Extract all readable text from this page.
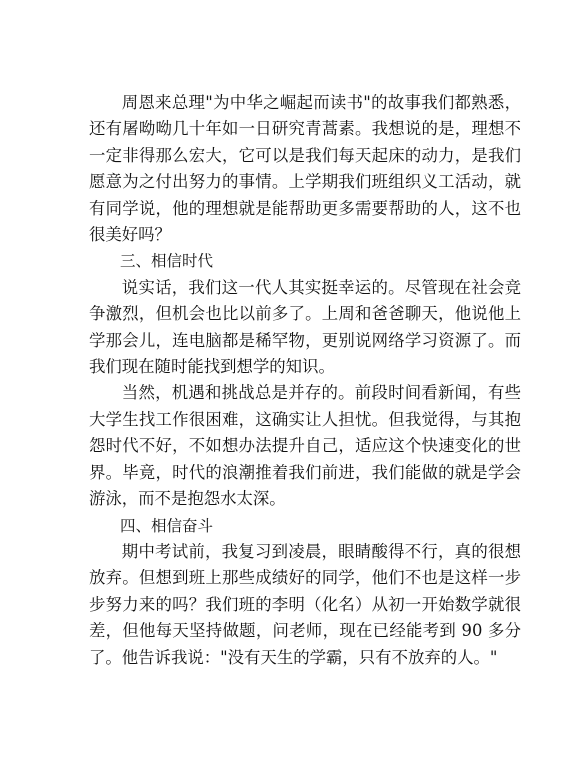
周恩来总理"为中华之崛起而读书"的故事我们都熟悉，还有屠呦呦几十年如一日研究青蒿素。我想说的是，理想不一定非得那么宏大，它可以是我们每天起床的动力，是我们愿意为之付出努力的事情。上学期我们班组织义工活动，就有同学说，他的理想就是能帮助更多需要帮助的人，这不也很美好吗？

三、相信时代

说实话，我们这一代人其实挺幸运的。尽管现在社会竞争激烈，但机会也比以前多了。上周和爸爸聊天，他说他上学那会儿，连电脑都是稀罕物，更别说网络学习资源了。而我们现在随时能找到想学的知识。

当然，机遇和挑战总是并存的。前段时间看新闻，有些大学生找工作很困难，这确实让人担忧。但我觉得，与其抱怨时代不好，不如想办法提升自己，适应这个快速变化的世界。毕竟，时代的浪潮推着我们前进，我们能做的就是学会游泳，而不是抱怨水太深。

四、相信奋斗

期中考试前，我复习到凌晨，眼睛酸得不行，真的很想放弃。但想到班上那些成绩好的同学，他们不也是这样一步步努力来的吗？我们班的李明（化名）从初一开始数学就很差，但他每天坚持做题，问老师，现在已经能考到 90 多分了。他告诉我说："没有天生的学霸，只有不放弃的人。"
